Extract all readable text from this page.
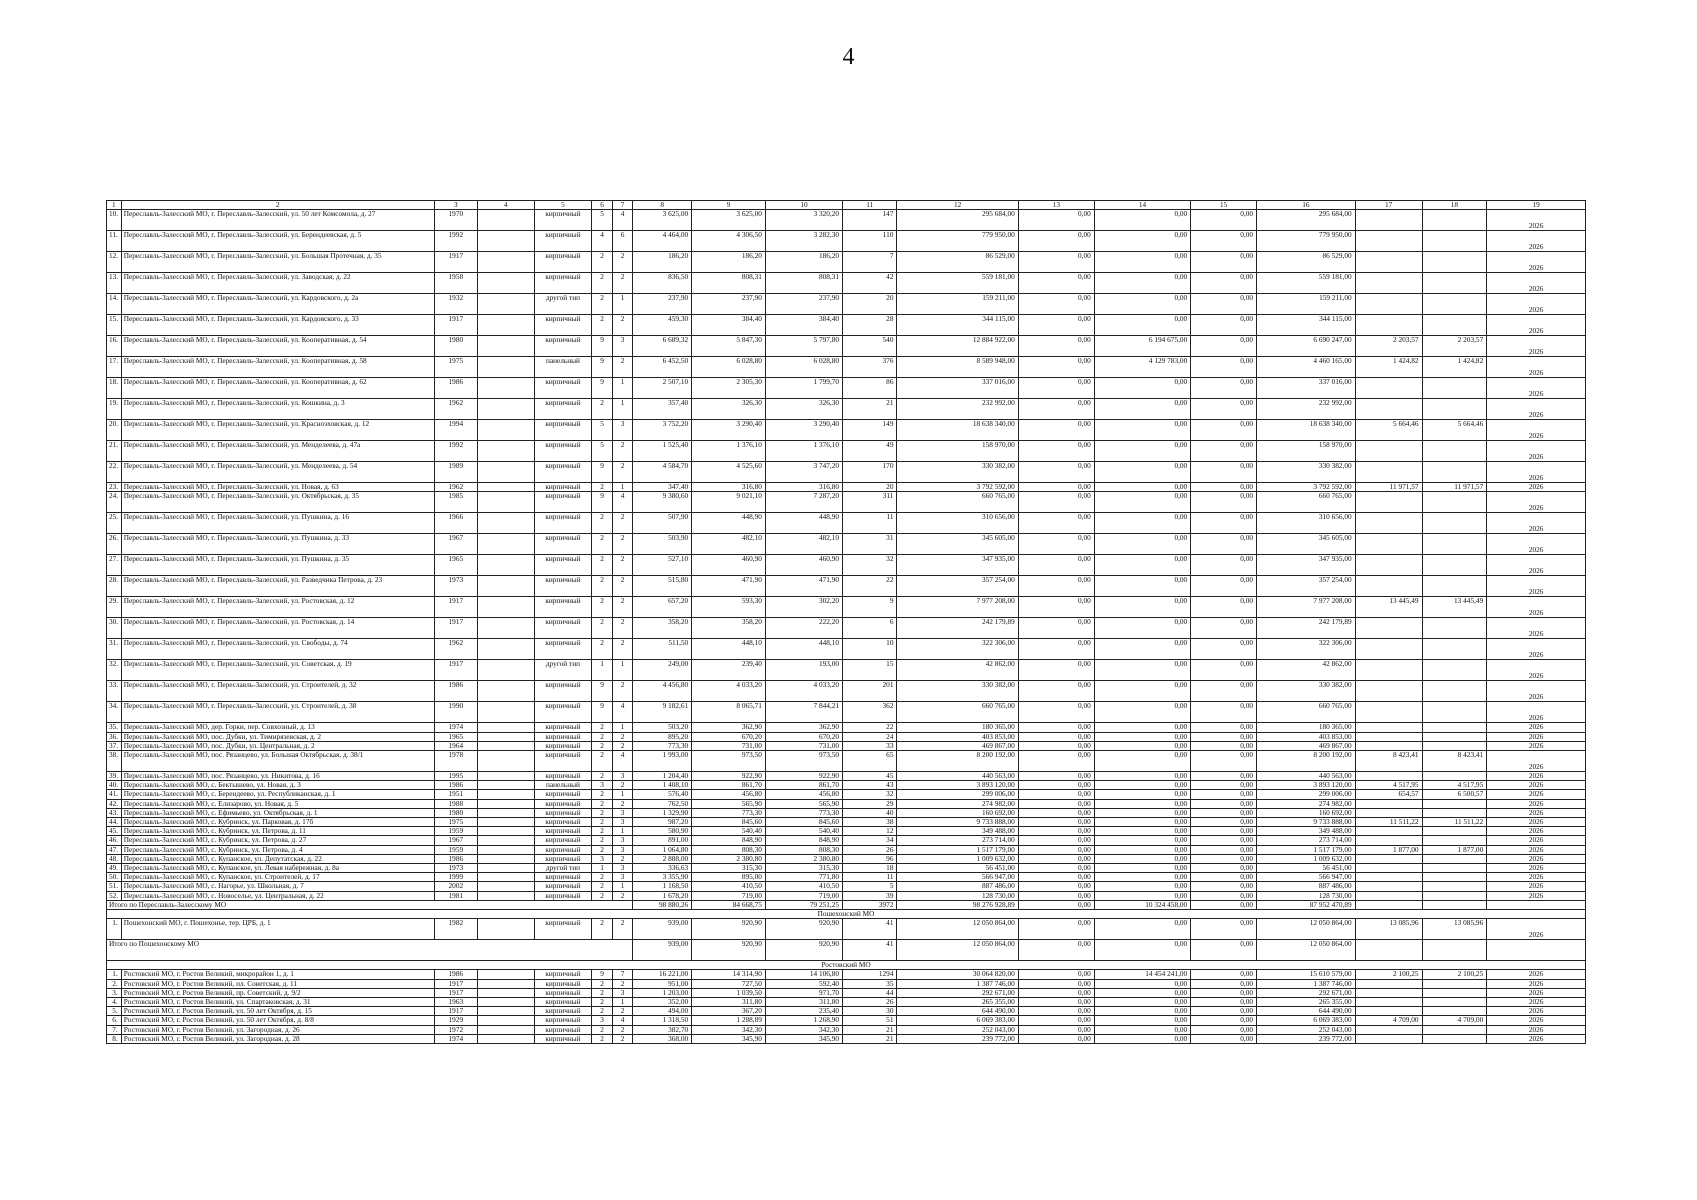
4
1	2	3	4	5	6	7	8	9	10	11	12	13	14	15	16	17	18	19
10.	Переславль-Залесский МО, г. Переславль-Залесский, ул. 50 лет Комсомола, д. 27	1970		кирпичный	5	4	3 625,00	3 625,00	3 320,20	147	295 684,00	0,00	0,00	0,00	295 684,00			2026
11.	Переславль-Залесский МО, г. Переславль-Залесский, ул. Берендеевская, д. 5	1992		кирпичный	4	6	4 464,00	4 306,50	3 282,30	110	779 950,00	0,00	0,00	0,00	779 950,00			2026
12.	Переславль-Залесский МО, г. Переславль-Залесский, ул. Большая Протечная, д. 35	1917		кирпичный	2	2	186,20	186,20	186,20	7	86 529,00	0,00	0,00	0,00	86 529,00			2026
13.	Переславль-Залесский МО, г. Переславль-Залесский, ул. Заводская, д. 22	1958		кирпичный	2	2	836,50	808,31	808,31	42	559 181,00	0,00	0,00	0,00	559 181,00			2026
14.	Переславль-Залесский МО, г. Переславль-Залесский, ул. Кардовского, д. 2а	1932		другой тип	2	1	237,90	237,90	237,90	20	159 211,00	0,00	0,00	0,00	159 211,00			2026
15.	Переславль-Залесский МО, г. Переславль-Залесский, ул. Кардовского, д. 33	1917		кирпичный	2	2	459,30	384,40	384,40	28	344 115,00	0,00	0,00	0,00	344 115,00			2026
16.	Переславль-Залесский МО, г. Переславль-Залесский, ул. Кооперативная, д. 54	1980		кирпичный	9	3	6 689,32	5 847,30	5 797,80	540	12 884 922,00	0,00	6 194 675,00	0,00	6 690 247,00	2 203,57	2 203,57	2026
17.	Переславль-Залесский МО, г. Переславль-Залесский, ул. Кооперативная, д. 58	1975		панельный	9	2	6 452,50	6 028,80	6 028,80	376	8 589 948,00	0,00	4 129 783,00	0,00	4 460 165,00	1 424,82	1 424,82	2026
18.	Переславль-Залесский МО, г. Переславль-Залесский, ул. Кооперативная, д. 62	1986		кирпичный	9	1	2 507,10	2 305,30	1 799,70	86	337 016,00	0,00	0,00	0,00	337 016,00			2026
19.	Переславль-Залесский МО, г. Переславль-Залесский, ул. Кошкина, д. 3	1962		кирпичный	2	1	357,40	326,30	326,30	21	232 992,00	0,00	0,00	0,00	232 992,00			2026
20.	Переславль-Залесский МО, г. Переславль-Залесский, ул. Красноэховская, д. 12	1994		кирпичный	5	3	3 752,20	3 290,40	3 290,40	149	18 638 340,00	0,00	0,00	0,00	18 638 340,00	5 664,46	5 664,46	2026
21.	Переславль-Залесский МО, г. Переславль-Залесский, ул. Менделеева, д. 47а	1992		кирпичный	5	2	1 525,40	1 376,10	1 376,10	49	158 970,00	0,00	0,00	0,00	158 970,00			2026
22.	Переславль-Залесский МО, г. Переславль-Залесский, ул. Менделеева, д. 54	1989		кирпичный	9	2	4 584,70	4 525,60	3 747,20	170	330 382,00	0,00	0,00	0,00	330 382,00			2026
23.	Переславль-Залесский МО, г. Переславль-Залесский, ул. Новая, д. 63	1962		кирпичный	2	1	347,40	316,80	316,80	20	3 792 592,00	0,00	0,00	0,00	3 792 592,00	11 971,57	11 971,57	2026
24.	Переславль-Залесский МО, г. Переславль-Залесский, ул. Октябрьская, д. 35	1985		кирпичный	9	4	9 380,60	9 021,10	7 287,20	311	660 765,00	0,00	0,00	0,00	660 765,00			2026
25.	Переславль-Залесский МО, г. Переславль-Залесский, ул. Пушкина, д. 16	1966		кирпичный	2	2	507,90	448,90	448,90	11	310 656,00	0,00	0,00	0,00	310 656,00			2026
26.	Переславль-Залесский МО, г. Переславль-Залесский, ул. Пушкина, д. 33	1967		кирпичный	2	2	503,90	482,10	482,10	31	345 605,00	0,00	0,00	0,00	345 605,00			2026
27.	Переславль-Залесский МО, г. Переславль-Залесский, ул. Пушкина, д. 35	1965		кирпичный	2	2	527,10	460,90	460,90	32	347 935,00	0,00	0,00	0,00	347 935,00			2026
28.	Переславль-Залесский МО, г. Переславль-Залесский, ул. Разведчика Петрова, д. 23	1973		кирпичный	2	2	515,80	471,90	471,90	22	357 254,00	0,00	0,00	0,00	357 254,00			2026
29.	Переславль-Залесский МО, г. Переславль-Залесский, ул. Ростовская, д. 12	1917		кирпичный	2	2	657,20	593,30	302,20	9	7 977 208,00	0,00	0,00	0,00	7 977 208,00	13 445,49	13 445,49	2026
30.	Переславль-Залесский МО, г. Переславль-Залесский, ул. Ростовская, д. 14	1917		кирпичный	2	2	358,20	358,20	222,20	6	242 179,89	0,00	0,00	0,00	242 179,89			2026
31.	Переславль-Залесский МО, г. Переславль-Залесский, ул. Свободы, д. 74	1962		кирпичный	2	2	511,50	448,10	448,10	10	322 306,00	0,00	0,00	0,00	322 306,00			2026
32.	Переславль-Залесский МО, г. Переславль-Залесский, ул. Советская, д. 19	1917		другой тип	1	1	249,00	239,40	193,00	15	42 862,00	0,00	0,00	0,00	42 862,00			2026
33.	Переславль-Залесский МО, г. Переславль-Залесский, ул. Строителей, д. 32	1986		кирпичный	9	2	4 456,80	4 033,20	4 033,20	201	330 382,00	0,00	0,00	0,00	330 382,00			2026
34.	Переславль-Залесский МО, г. Переславль-Залесский, ул. Строителей, д. 38	1990		кирпичный	9	4	9 182,61	8 065,71	7 844,21	362	660 765,00	0,00	0,00	0,00	660 765,00			2026
35.	Переславль-Залесский МО, дер. Горки, пер. Совхозный, д. 13	1974		кирпичный	2	1	503,20	362,90	362,90	22	180 365,00	0,00	0,00	0,00	180 365,00			2026
36.	Переславль-Залесский МО, пос. Дубки, ул. Тимирязевская, д. 2	1965		кирпичный	2	2	895,20	670,20	670,20	24	403 853,00	0,00	0,00	0,00	403 853,00			2026
37.	Переславль-Залесский МО, пос. Дубки, ул. Центральная, д. 2	1964		кирпичный	2	2	773,30	731,00	731,00	33	469 867,00	0,00	0,00	0,00	469 867,00			2026
38.	Переславль-Залесский МО, пос. Рязанцево, ул. Большая Октябрьская, д. 38/1	1978		кирпичный	2	4	1 993,00	973,50	973,50	65	8 200 192,00	0,00	0,00	0,00	8 200 192,00	8 423,41	8 423,41	2026
39.	Переславль-Залесский МО, пос. Рязанцево, ул. Никитова, д. 16	1995		кирпичный	2	3	1 204,40	922,90	922,90	45	440 563,00	0,00	0,00	0,00	440 563,00			2026
40.	Переславль-Залесский МО, с. Бектышево, ул. Новая, д. 3	1986		панельный	3	2	1 408,10	861,70	861,70	43	3 893 120,00	0,00	0,00	0,00	3 893 120,00	4 517,95	4 517,95	2026
41.	Переславль-Залесский МО, с. Берендеево, ул. Республиканская, д. 1	1951		кирпичный	2	1	576,40	456,80	456,80	32	299 006,00	0,00	0,00	0,00	299 006,00	654,57	6 500,57	2026
42.	Переславль-Залесский МО, с. Елизарово, ул. Новая, д. 5	1988		кирпичный	2	2	762,50	565,90	565,90	29	274 982,00	0,00	0,00	0,00	274 982,00			2026
43.	Переславль-Залесский МО, с. Ефимьево, ул. Октябрьская, д. 1	1980		кирпичный	2	3	1 329,90	773,30	773,30	40	160 692,00	0,00	0,00	0,00	160 692,00			2026
44.	Переславль-Залесский МО, с. Кубринск, ул. Парковая, д. 17б	1975		кирпичный	2	3	987,20	845,60	845,60	38	9 733 888,00	0,00	0,00	0,00	9 733 888,00	11 511,22	11 511,22	2026
45.	Переславль-Залесский МО, с. Кубринск, ул. Петрова, д. 11	1959		кирпичный	2	1	580,90	540,40	540,40	12	349 488,00	0,00	0,00	0,00	349 488,00			2026
46.	Переславль-Залесский МО, с. Кубринск, ул. Петрова, д. 27	1967		кирпичный	2	3	891,00	848,90	848,90	34	273 714,00	0,00	0,00	0,00	273 714,00			2026
47.	Переславль-Залесский МО, с. Кубринск, ул. Петрова, д. 4	1959		кирпичный	2	3	1 064,80	808,30	808,30	26	1 517 179,00	0,00	0,00	0,00	1 517 179,00	1 877,00	1 877,00	2026
48.	Переславль-Залесский МО, с. Купанское, ул. Депутатская, д. 22	1986		кирпичный	3	2	2 888,00	2 380,80	2 380,80	96	1 009 632,00	0,00	0,00	0,00	1 009 632,00			2026
49.	Переславль-Залесский МО, с. Купанское, ул. Левая набережная, д. 8а	1973		другой тип	1	3	336,63	315,30	315,30	18	56 451,00	0,00	0,00	0,00	56 451,00			2026
50.	Переславль-Залесский МО, с. Купанское, ул. Строителей, д. 17	1999		кирпичный	2	3	3 355,90	895,00	771,80	11	566 947,00	0,00	0,00	0,00	566 947,00			2026
51.	Переславль-Залесский МО, с. Нагорье, ул. Школьная, д. 7	2002		кирпичный	2	1	1 168,50	410,50	410,50	5	887 486,00	0,00	0,00	0,00	887 486,00			2026
52.	Переславль-Залесский МО, с. Новоселье, ул. Центральная, д. 22	1981		кирпичный	2	2	1 678,20	719,00	719,00	39	128 730,00	0,00	0,00	0,00	128 730,00			2026
Итого по Переславль-Залесскому МО							98 880,26	84 668,75	79 251,25	3972	98 276 928,89	0,00	10 324 458,00	0,00	87 952 470,89			
Пошехонский МО																		
1.	Пошехонский МО, г. Пошехонье, тер. ЦРБ, д. 1	1982		кирпичный	2	2	939,00	920,90	920,90	41	12 050 864,00	0,00	0,00	0,00	12 050 864,00	13 085,96	13 085,96	2026
Итого по Пошехонскому МО							939,00	920,90	920,90	41	12 050 864,00	0,00	0,00	0,00	12 050 864,00			
Ростовский МО																		
1.	Ростовский МО, г. Ростов Великий, микрорайон 1, д. 1	1986		кирпичный	9	7	16 221,00	14 314,90	14 106,80	1294	30 064 820,00	0,00	14 454 241,00	0,00	15 610 579,00	2 100,25	2 100,25	2026
2.	Ростовский МО, г. Ростов Великий, пл. Советская, д. 11	1917		кирпичный	2	2	951,00	727,50	592,40	35	1 387 746,00	0,00	0,00	0,00	1 387 746,00			2026
3.	Ростовский МО, г. Ростов Великий, пр. Советский, д. 9/2	1917		кирпичный	2	3	1 203,00	1 039,50	971,70	44	292 671,00	0,00	0,00	0,00	292 671,00			2026
4.	Ростовский МО, г. Ростов Великий, ул. Спартаковская, д. 31	1963		кирпичный	2	1	352,00	311,80	311,80	26	265 355,00	0,00	0,00	0,00	265 355,00			2026
5.	Ростовский МО, г. Ростов Великий, ул. 50 лет Октября, д. 15	1917		кирпичный	2	2	494,00	367,20	235,40	30	644 490,00	0,00	0,00	0,00	644 490,00			2026
6.	Ростовский МО, г. Ростов Великий, ул. 50 лет Октября, д. 8/8	1929		кирпичный	3	4	1 318,50	1 288,89	1 268,90	51	6 069 383,00	0,00	0,00	0,00	6 069 383,00	4 709,00	4 709,00	2026
7.	Ростовский МО, г. Ростов Великий, ул. Загородная, д. 26	1972		кирпичный	2	2	382,70	342,30	342,30	21	252 043,00	0,00	0,00	0,00	252 043,00			2026
8.	Ростовский МО, г. Ростов Великий, ул. Загородная, д. 28	1974		кирпичный	2	2	368,00	345,90	345,90	21	239 772,00	0,00	0,00	0,00	239 772,00			2026
